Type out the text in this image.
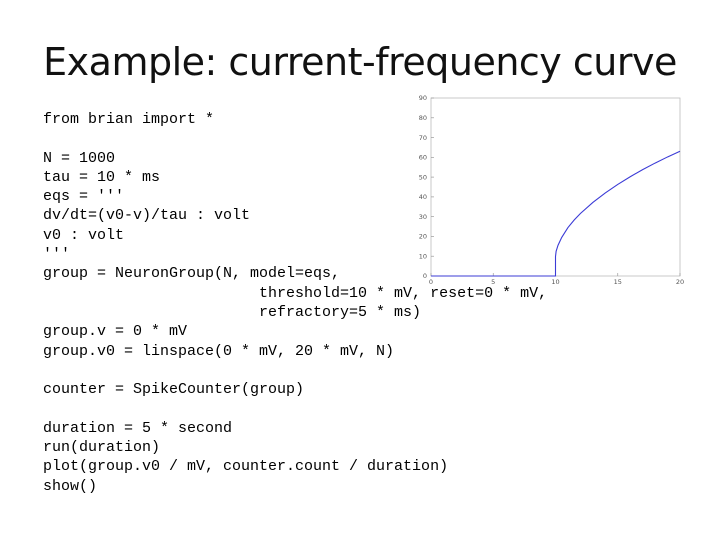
Example: current-frequency curve
from brian import *
N = 1000
tau = 10 * ms
eqs = '''
dv/dt=(v0-v)/tau : volt
v0 : volt
'''
group = NeuronGroup(N, model=eqs,
threshold=10 * mV, reset=0 * mV,
refractory=5 * ms)
group.v = 0 * mV
group.v0 = linspace(0 * mV, 20 * mV, N)
counter = SpikeCounter(group)
duration = 5 * second
run(duration)
plot(group.v0 / mV, counter.count / duration)
show()
0
10
20
30
40
50
60
70
80
90
0	5	10	15	20
